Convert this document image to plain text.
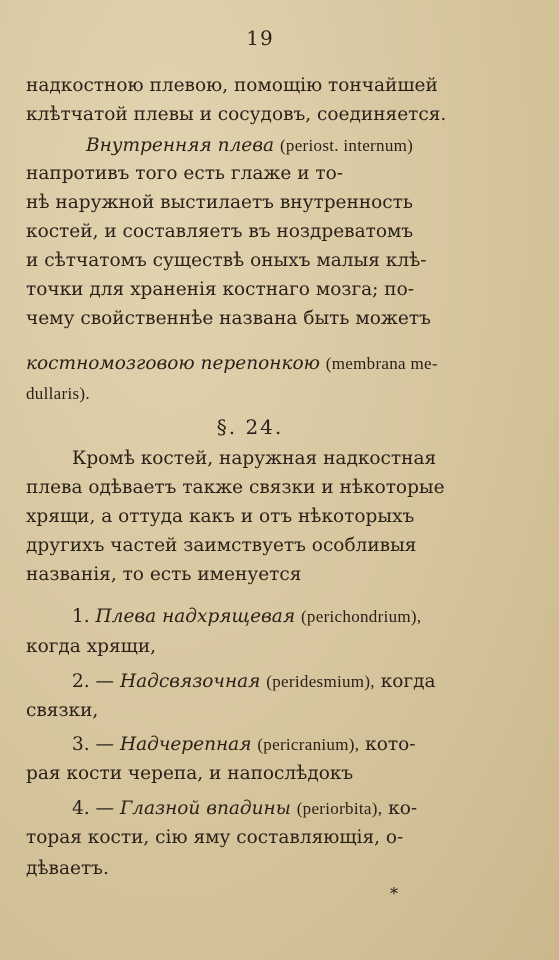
19
надкостною плевою, помощію тончайшей
клѣтчатой плевы и сосудовъ, соединяется.
Внутренняя плева (periost. internum)
напротивъ того есть глаже и то-
нѣ наружной выстилаетъ внутренность
костей, и составляетъ въ ноздреватомъ
и сѣтчатомъ существѣ оныхъ малыя клѣ-
точки для храненія костнаго мозга; по-
чему свойственнѣе названа быть можетъ
костномозговою перепонкою (membrana me-
dullaris).
§. 24.
Кромѣ костей, наружная надкостная
плева одѣваетъ также связки и нѣкоторые
хрящи, а оттуда какъ и отъ нѣкоторыхъ
другихъ частей заимствуетъ особливыя
названія, то есть именуется
1. Плева надхрящевая (perichondrium),
когда хрящи,
2. — Надсвязочная (peridesmium), когда
связки,
3. — Надчерепная (pericranium), кото-
рая кости черепа, и напослѣдокъ
4. — Глазной впадины (periorbita), ко-
торая кости, сію яму составляющія, о-
дѣваетъ.
*
